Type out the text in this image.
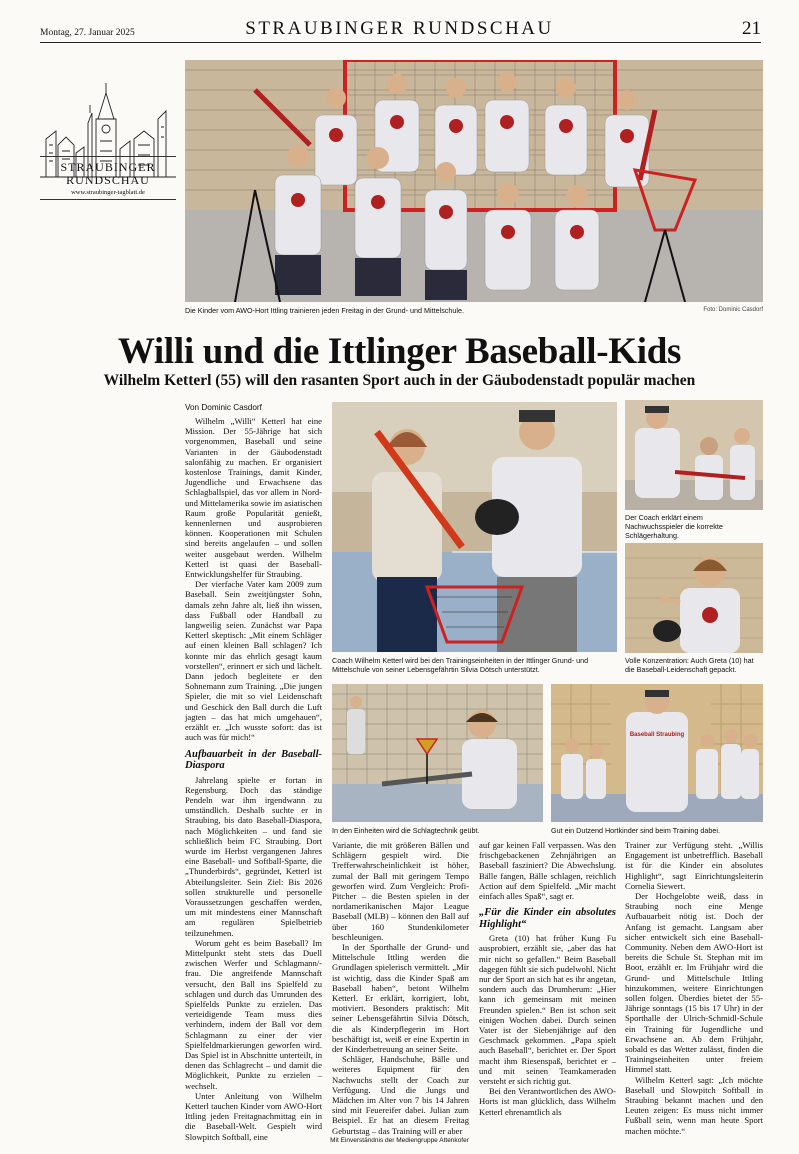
Montag, 27. Januar 2025	STRAUBINGER RUNDSCHAU	21
STRAUBINGER
RUNDSCHAU
www.straubinger-tagblatt.de
Die Kinder vom AWO-Hort Ittling trainieren jeden Freitag in der Grund- und Mittelschule.	Foto: Dominic Casdorf
Willi und die Ittlinger Baseball-Kids
Wilhelm Ketterl (55) will den rasanten Sport auch in der Gäubodenstadt populär machen
Von Dominic Casdorf

Wilhelm „Willi“ Ketterl hat eine Mission. Der 55-Jährige hat sich vorgenommen, Baseball und seine Varianten in der Gäubodenstadt salonfähig zu machen. Er organisiert kostenlose Trainings, damit Kinder, Jugendliche und Erwachsene das Schlagballspiel, das vor allem in Nord- und Mittelamerika sowie im asiatischen Raum große Popularität genießt, kennenlernen und ausprobieren können. Kooperationen mit Schulen sind bereits angelaufen – und sollen weiter ausgebaut werden. Wilhelm Ketterl ist quasi der Baseball-Entwicklungshelfer für Straubing.

Der vierfache Vater kam 2009 zum Baseball. Sein zweitjüngster Sohn, damals zehn Jahre alt, ließ ihn wissen, dass Fußball oder Handball zu langweilig seien. Zunächst war Papa Ketterl skeptisch: „Mit einem Schläger auf einen kleinen Ball schlagen? Ich konnte mir das ehrlich gesagt kaum vorstellen“, erinnert er sich und lächelt. Dann jedoch begleitete er den Sohnemann zum Training. „Die jungen Spieler, die mit so viel Leidenschaft und Geschick den Ball durch die Luft jagten – das hat mich umgehauen“, erzählt er. „Ich wusste sofort: das ist auch was für mich!“

Aufbauarbeit in der Baseball-Diaspora

Jahrelang spielte er fortan in Regensburg. Doch das ständige Pendeln war ihm irgendwann zu umständlich. Deshalb suchte er in Straubing, bis dato Baseball-Diaspora, nach Möglichkeiten – und fand sie schließlich beim FC Straubing. Dort wurde im Herbst vergangenen Jahres eine Baseball- und Softball-Sparte, die „Thunderbirds“, gegründet, Ketterl ist Abteilungsleiter. Sein Ziel: Bis 2026 sollen strukturelle und personelle Voraussetzungen geschaffen werden, um mit mindestens einer Mannschaft am regulären Spielbetrieb teilzunehmen.

Worum geht es beim Baseball? Im Mittelpunkt steht stets das Duell zwischen Werfer und Schlagmann/-frau. Die angreifende Mannschaft versucht, den Ball ins Spielfeld zu schlagen und durch das Umrunden des Spielfelds Punkte zu erzielen. Das verteidigende Team muss dies verhindern, indem der Ball vor dem Schlagmann zu einer der vier Spielfeldmarkierungen geworfen wird. Das Spiel ist in Abschnitte unterteilt, in denen das Schlagrecht – und damit die Möglichkeit, Punkte zu erzielen – wechselt.

Unter Anleitung von Wilhelm Ketterl tauchen Kinder vom AWO-Hort Ittling jeden Freitagnachmittag ein in die Baseball-Welt. Gespielt wird Slowpitch Softball, eine

Coach Wilhelm Ketterl wird bei den Trainingseinheiten in der Ittlinger Grund- und Mittelschule von seiner Lebensgefährtin Silvia Dötsch unterstützt.
Der Coach erklärt einem Nachwuchsspieler die korrekte Schlägerhaltung.
Volle Konzentration: Auch Greta (10) hat die Baseball-Leidenschaft gepackt.
In den Einheiten wird die Schlagtechnik geübt.
Baseball Straubing
Gut ein Dutzend Hortkinder sind beim Training dabei.

Variante, die mit größeren Bällen und Schlägern gespielt wird. Die Trefferwahrscheinlichkeit ist höher, zumal der Ball mit geringem Tempo geworfen wird. Zum Vergleich: Profi-Pitcher – die Besten spielen in der nordamerikanischen Major League Baseball (MLB) – können den Ball auf über 160 Stundenkilometer beschleunigen.

In der Sporthalle der Grund- und Mittelschule Ittling werden die Grundlagen spielerisch vermittelt. „Mir ist wichtig, dass die Kinder Spaß am Baseball haben“, betont Wilhelm Ketterl. Er erklärt, korrigiert, lobt, motiviert. Besonders praktisch: Mit seiner Lebensgefährtin Silvia Dötsch, die als Kinderpflegerin im Hort beschäftigt ist, weiß er eine Expertin in der Kinderbetreuung an seiner Seite.

Schläger, Handschuhe, Bälle und weiteres Equipment für den Nachwuchs stellt der Coach zur Verfügung. Und die Jungs und Mädchen im Alter von 7 bis 14 Jahren sind mit Feuereifer dabei. Julian zum Beispiel. Er hat an diesem Freitag Geburtstag – das Training will er aber

auf gar keinen Fall verpassen. Was den frischgebackenen Zehnjährigen an Baseball fasziniert? Die Abwechslung. Bälle fangen, Bälle schlagen, reichlich Action auf dem Spielfeld. „Mir macht einfach alles Spaß“, sagt er.

„Für die Kinder ein absolutes Highlight“

Greta (10) hat früher Kung Fu ausprobiert, erzählt sie, „aber das hat mir nicht so gefallen.“ Beim Baseball dagegen fühlt sie sich pudelwohl. Nicht nur der Sport an sich hat es ihr angetan, sondern auch das Drumherum: „Hier kann ich gemeinsam mit meinen Freunden spielen.“ Ben ist schon seit einigen Wochen dabei. Durch seinen Vater ist der Siebenjährige auf den Geschmack gekommen. „Papa spielt auch Baseball“, berichtet er. Der Sport macht ihm Riesenspaß, berichtet er – und mit seinen Teamkameraden versteht er sich richtig gut.

Bei den Verantwortlichen des AWO-Horts ist man glücklich, dass Wilhelm Ketterl ehrenamtlich als

Trainer zur Verfügung steht. „Willis Engagement ist unbetrefflich. Baseball ist für die Kinder ein absolutes Highlight“, sagt Einrichtungsleiterin Cornelia Siewert.

Der Hochgelobte weiß, dass in Straubing noch eine Menge Aufbauarbeit nötig ist. Doch der Anfang ist gemacht. Langsam aber sicher entwickelt sich eine Baseball-Community. Neben dem AWO-Hort ist bereits die Schule St. Stephan mit im Boot, erzählt er. Im Frühjahr wird die Grund- und Mittelschule Ittling hinzukommen, weitere Einrichtungen sollen folgen. Überdies bietet der 55-Jährige sonntags (15 bis 17 Uhr) in der Sporthalle der Ulrich-Schmidl-Schule ein Training für Jugendliche und Erwachsene an. Ab dem Frühjahr, sobald es das Wetter zulässt, finden die Trainingseinheiten unter freiem Himmel statt.

Wilhelm Ketterl sagt: „Ich möchte Baseball und Slowpitch Softball in Straubing bekannt machen und den Leuten zeigen: Es muss nicht immer Fußball sein, wenn man heute Sport machen möchte.“

Mit Einverständnis der Mediengruppe Attenkofer
